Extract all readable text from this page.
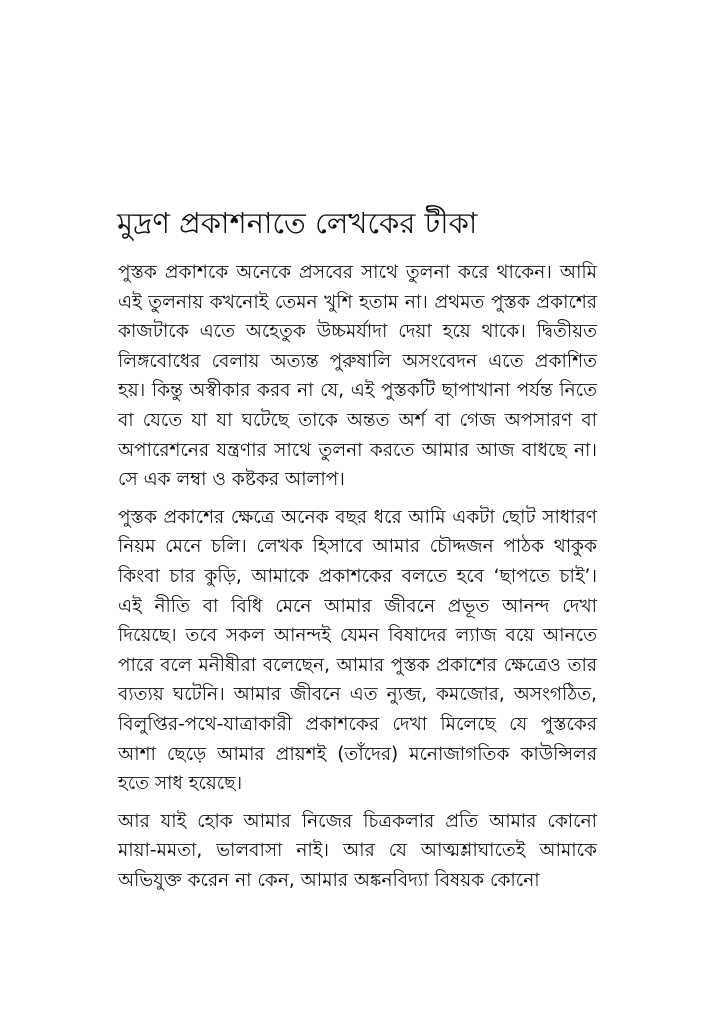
মুদ্রণ প্রকাশনাতে লেখকের টীকা

পুস্তক প্রকাশকে অনেকে প্রসবের সাথে তুলনা করে থাকেন। আমি এই তুলনায় কখনোই তেমন খুশি হতাম না। প্রথমত পুস্তক প্রকাশের কাজটাকে এতে অহেতুক উচ্চমর্যাদা দেয়া হয়ে থাকে। দ্বিতীয়ত লিঙ্গবোধের বেলায় অত্যন্ত পুরুষালি অসংবেদন এতে প্রকাশিত হয়। কিন্তু অস্বীকার করব না যে, এই পুস্তকটি ছাপাখানা পর্যন্ত নিতে বা যেতে যা যা ঘটেছে তাকে অন্তত অর্শ বা গেজ অপসারণ বা অপারেশনের যন্ত্রণার সাথে তুলনা করতে আমার আজ বাধছে না। সে এক লম্বা ও কষ্টকর আলাপ।

পুস্তক প্রকাশের ক্ষেত্রে অনেক বছর ধরে আমি একটা ছোট সাধারণ নিয়ম মেনে চলি। লেখক হিসাবে আমার চৌদ্দজন পাঠক থাকুক কিংবা চার কুড়ি, আমাকে প্রকাশকের বলতে হবে ‘ছাপতে চাই’। এই নীতি বা বিধি মেনে আমার জীবনে প্রভূত আনন্দ দেখা দিয়েছে। তবে সকল আনন্দই যেমন বিষাদের ল্যাজ বয়ে আনতে পারে বলে মনীষীরা বলেছেন, আমার পুস্তক প্রকাশের ক্ষেত্রেও তার ব্যত্যয় ঘটেনি। আমার জীবনে এত ন্যুব্জ, কমজোর, অসংগঠিত, বিলুপ্তির-পথে-যাত্রাকারী প্রকাশকের দেখা মিলেছে যে পুস্তকের আশা ছেড়ে আমার প্রায়শই (তাঁদের) মনোজাগতিক কাউন্সিলর হতে সাধ হয়েছে।

আর যাই হোক আমার নিজের চিত্রকলার প্রতি আমার কোনো মায়া-মমতা, ভালবাসা নাই। আর যে আত্মশ্লাঘাতেই আমাকে অভিযুক্ত করেন না কেন, আমার অঙ্কনবিদ্যা বিষয়ক কোনো
